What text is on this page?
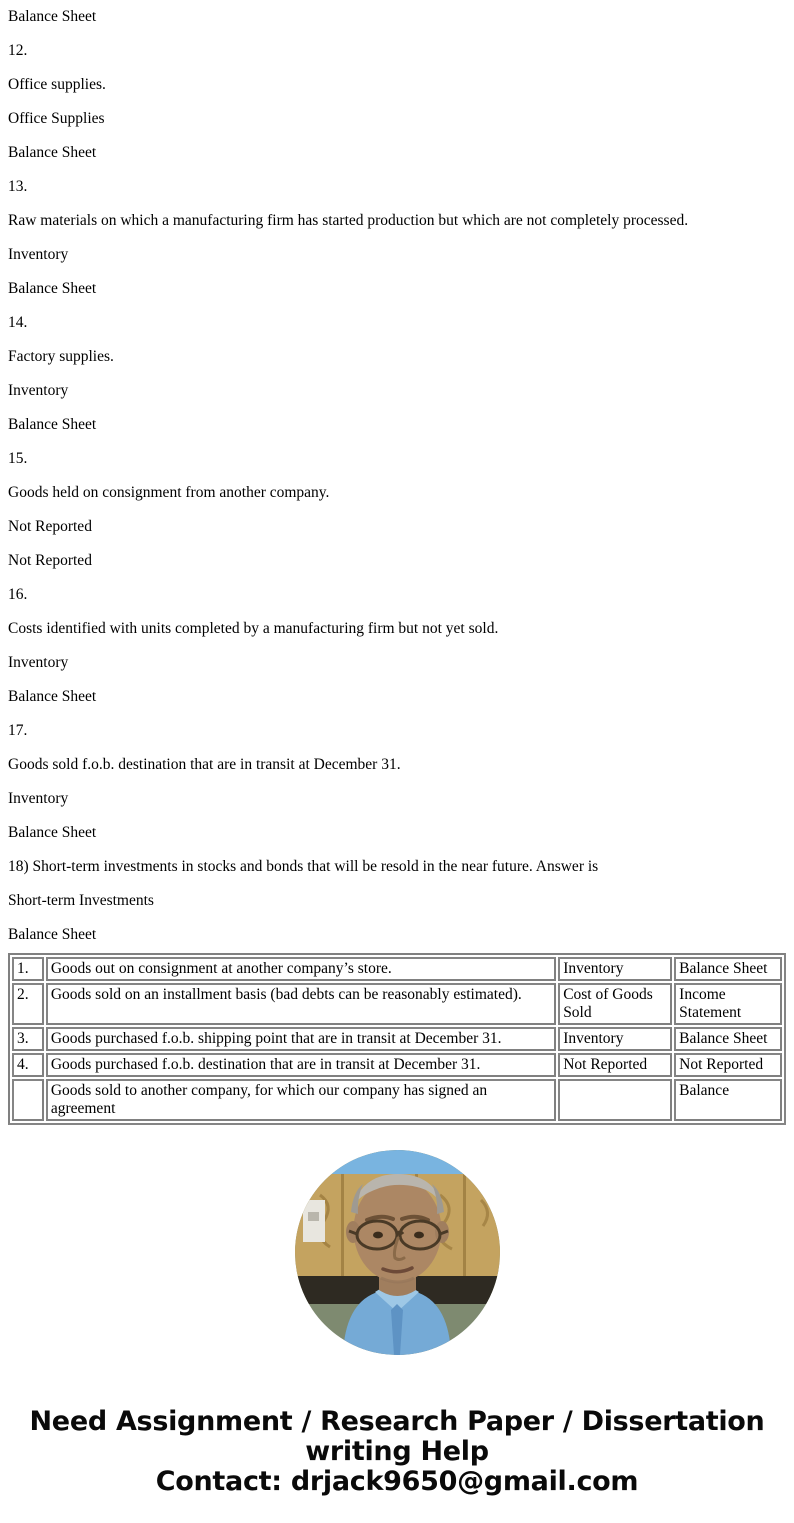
Balance Sheet

12.

Office supplies.

Office Supplies

Balance Sheet

13.

Raw materials on which a manufacturing firm has started production but which are not completely processed.

Inventory

Balance Sheet

14.

Factory supplies.

Inventory

Balance Sheet

15.

Goods held on consignment from another company.

Not Reported

Not Reported

16.

Costs identified with units completed by a manufacturing firm but not yet sold.

Inventory

Balance Sheet

17.

Goods sold f.o.b. destination that are in transit at December 31.

Inventory

Balance Sheet

18) Short-term investments in stocks and bonds that will be resold in the near future. Answer is

Short-term Investments

Balance Sheet

1.	Goods out on consignment at another company’s store.	Inventory	Balance Sheet
2.	Goods sold on an installment basis (bad debts can be reasonably estimated).	Cost of Goods Sold	Income Statement
3.	Goods purchased f.o.b. shipping point that are in transit at December 31.	Inventory	Balance Sheet
4.	Goods purchased f.o.b. destination that are in transit at December 31.	Not Reported	Not Reported
	Goods sold to another company, for which our company has signed an agreement		Balance

Need Assignment / Research Paper / Dissertation writing Help

Contact: drjack9650@gmail.com
